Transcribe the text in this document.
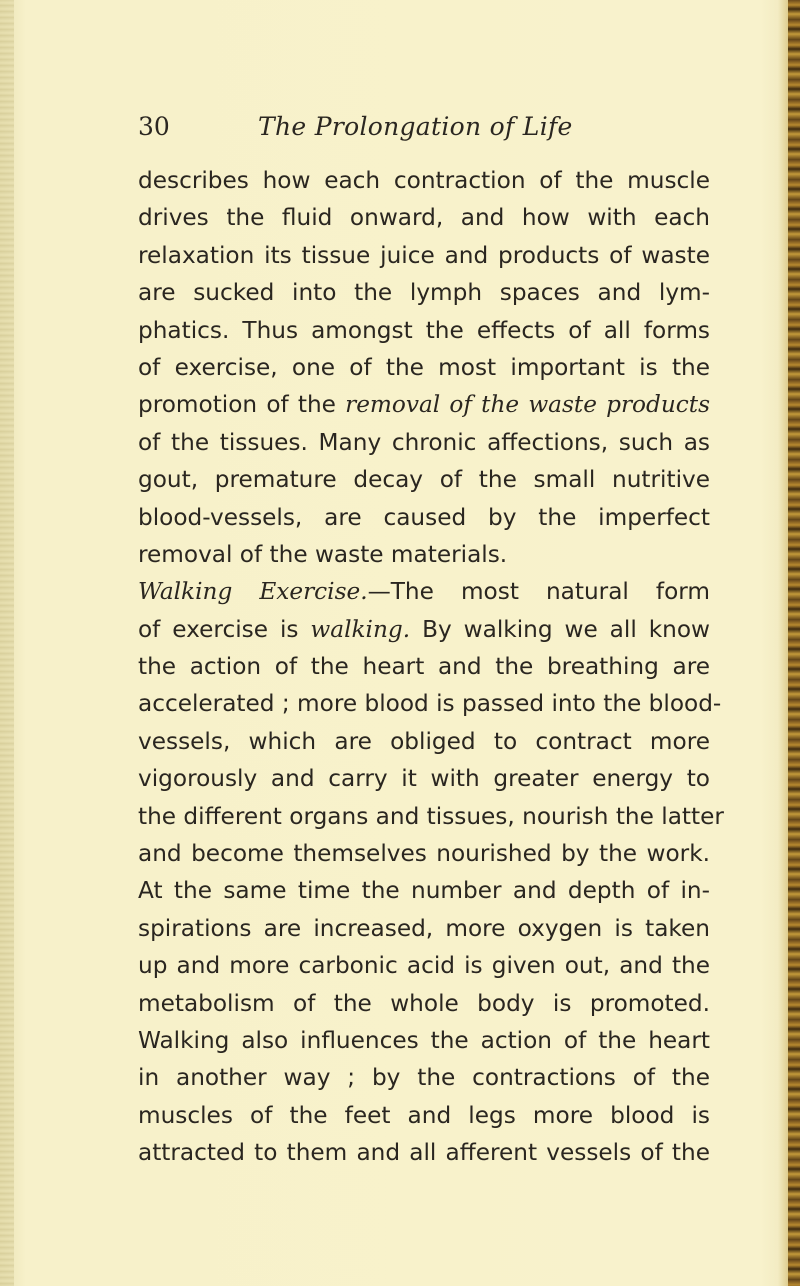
30	The Prolongation of Life
describes how each contraction of the muscle
drives the fluid onward, and how with each
relaxation its tissue juice and products of waste
are sucked into the lymph spaces and lym-
phatics. Thus amongst the effects of all forms
of exercise, one of the most important is the
promotion of the removal of the waste products
of the tissues. Many chronic affections, such as
gout, premature decay of the small nutritive
blood-vessels, are caused by the imperfect
removal of the waste materials.
Walking Exercise.—The most natural form
of exercise is walking. By walking we all know
the action of the heart and the breathing are
accelerated ; more blood is passed into the blood-
vessels, which are obliged to contract more
vigorously and carry it with greater energy to
the different organs and tissues, nourish the latter
and become themselves nourished by the work.
At the same time the number and depth of in-
spirations are increased, more oxygen is taken
up and more carbonic acid is given out, and the
metabolism of the whole body is promoted.
Walking also influences the action of the heart
in another way ; by the contractions of the
muscles of the feet and legs more blood is
attracted to them and all afferent vessels of the
